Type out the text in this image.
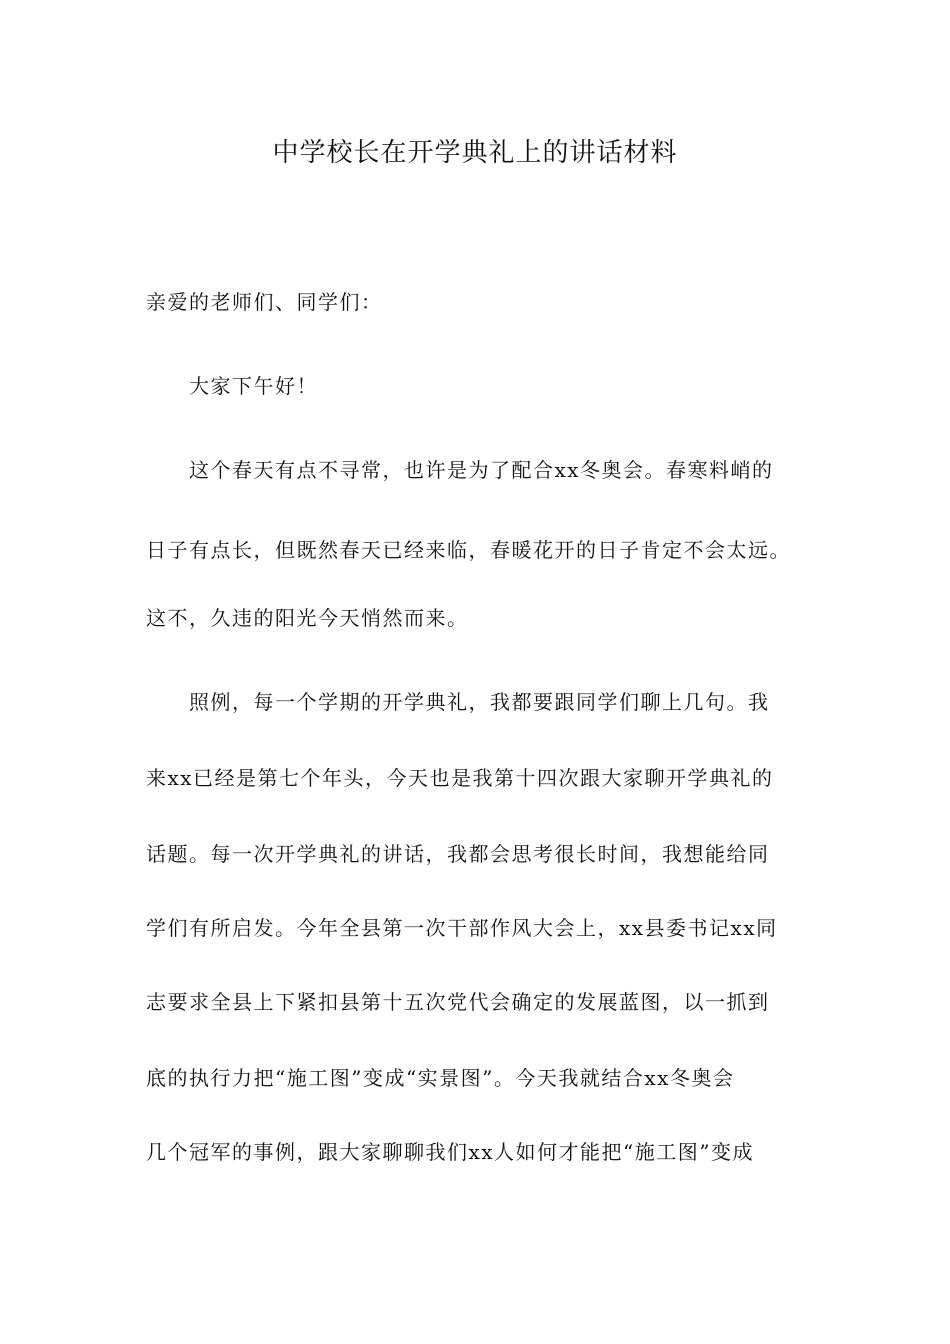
中学校长在开学典礼上的讲话材料
亲爱的老师们、同学们：
大家下午好！
这个春天有点不寻常，也许是为了配合xx冬奥会。春寒料峭的
日子有点长，但既然春天已经来临，春暖花开的日子肯定不会太远。
这不，久违的阳光今天悄然而来。
照例，每一个学期的开学典礼，我都要跟同学们聊上几句。我
来xx已经是第七个年头，今天也是我第十四次跟大家聊开学典礼的
话题。每一次开学典礼的讲话，我都会思考很长时间，我想能给同
学们有所启发。今年全县第一次干部作风大会上，xx县委书记xx同
志要求全县上下紧扣县第十五次党代会确定的发展蓝图，以一抓到
底的执行力把“施工图”变成“实景图”。今天我就结合xx冬奥会
几个冠军的事例，跟大家聊聊我们xx人如何才能把“施工图”变成
